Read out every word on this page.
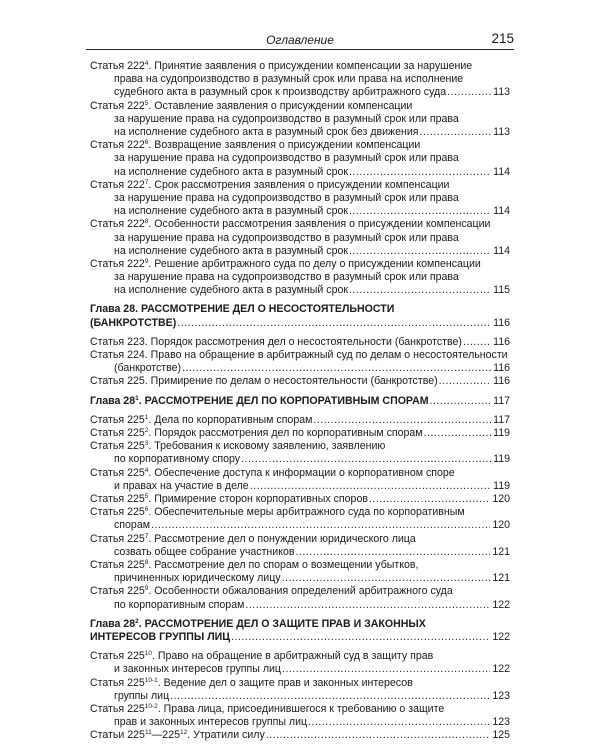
Оглавление	215
Статья $222^4$. Принятие заявления о присуждении компенсации за нарушение
права на судопроизводство в разумный срок или права на исполнение
судебного акта в разумный срок к производству арбитражного суда .....	113
Статья $222^5$. Оставление заявления о присуждении компенсации
за нарушение права на судопроизводство в разумный срок или права
на исполнение судебного акта в разумный срок без движения .....	113
Статья $222^6$. Возвращение заявления о присуждении компенсации
за нарушение права на судопроизводство в разумный срок или права
на исполнение судебного акта в разумный срок .....	114
Статья $222^7$. Срок рассмотрения заявления о присуждении компенсации
за нарушение права на судопроизводство в разумный срок или права
на исполнение судебного акта в разумный срок .....	114
Статья $222^8$. Особенности рассмотрения заявления о присуждении компенсации
за нарушение права на судопроизводство в разумный срок или права
на исполнение судебного акта в разумный срок .....	114
Статья $222^9$. Решение арбитражного суда по делу о присуждении компенсации
за нарушение права на судопроизводство в разумный срок или права
на исполнение судебного акта в разумный срок .....	115
Глава 28. РАССМОТРЕНИЕ ДЕЛ О НЕСОСТОЯТЕЛЬНОСТИ
(БАНКРОТСТВЕ) .....	116
Статья 223. Порядок рассмотрения дел о несостоятельности (банкротстве) .....	116
Статья 224. Право на обращение в арбитражный суд по делам о несостоятельности
(банкротстве) .....	116
Статья 225. Примирение по делам о несостоятельности (банкротстве) .....	116
Глава $28^1$. РАССМОТРЕНИЕ ДЕЛ ПО КОРПОРАТИВНЫМ СПОРАМ .....	117
Статья $225^1$. Дела по корпоративным спорам .....	117
Статья $225^2$. Порядок рассмотрения дел по корпоративным спорам .....	119
Статья $225^3$. Требования к исковому заявлению, заявлению
по корпоративному спору .....	119
Статья $225^4$. Обеспечение доступа к информации о корпоративном споре
и правах на участие в деле .....	119
Статья $225^5$. Примирение сторон корпоративных споров .....	120
Статья $225^6$. Обеспечительные меры арбитражного суда по корпоративным
спорам .....	120
Статья $225^7$. Рассмотрение дел о понуждении юридического лица
созвать общее собрание участников .....	121
Статья $225^8$. Рассмотрение дел по спорам о возмещении убытков,
причиненных юридическому лицу .....	121
Статья $225^9$. Особенности обжалования определений арбитражного суда
по корпоративным спорам .....	122
Глава $28^2$. РАССМОТРЕНИЕ ДЕЛ О ЗАЩИТЕ ПРАВ И ЗАКОННЫХ
ИНТЕРЕСОВ ГРУППЫ ЛИЦ .....	122
Статья $225^{10}$. Право на обращение в арбитражный суд в защиту прав
и законных интересов группы лиц .....	122
Статья 225$^{10-1}$. Ведение дел о защите прав и законных интересов
группы лиц .....	123
Статья 225$^{10-2}$. Права лица, присоединившегося к требованию о защите
прав и законных интересов группы лиц .....	123
Статьи $225^{11}—225^{12}$. Утратили силу .....	125
